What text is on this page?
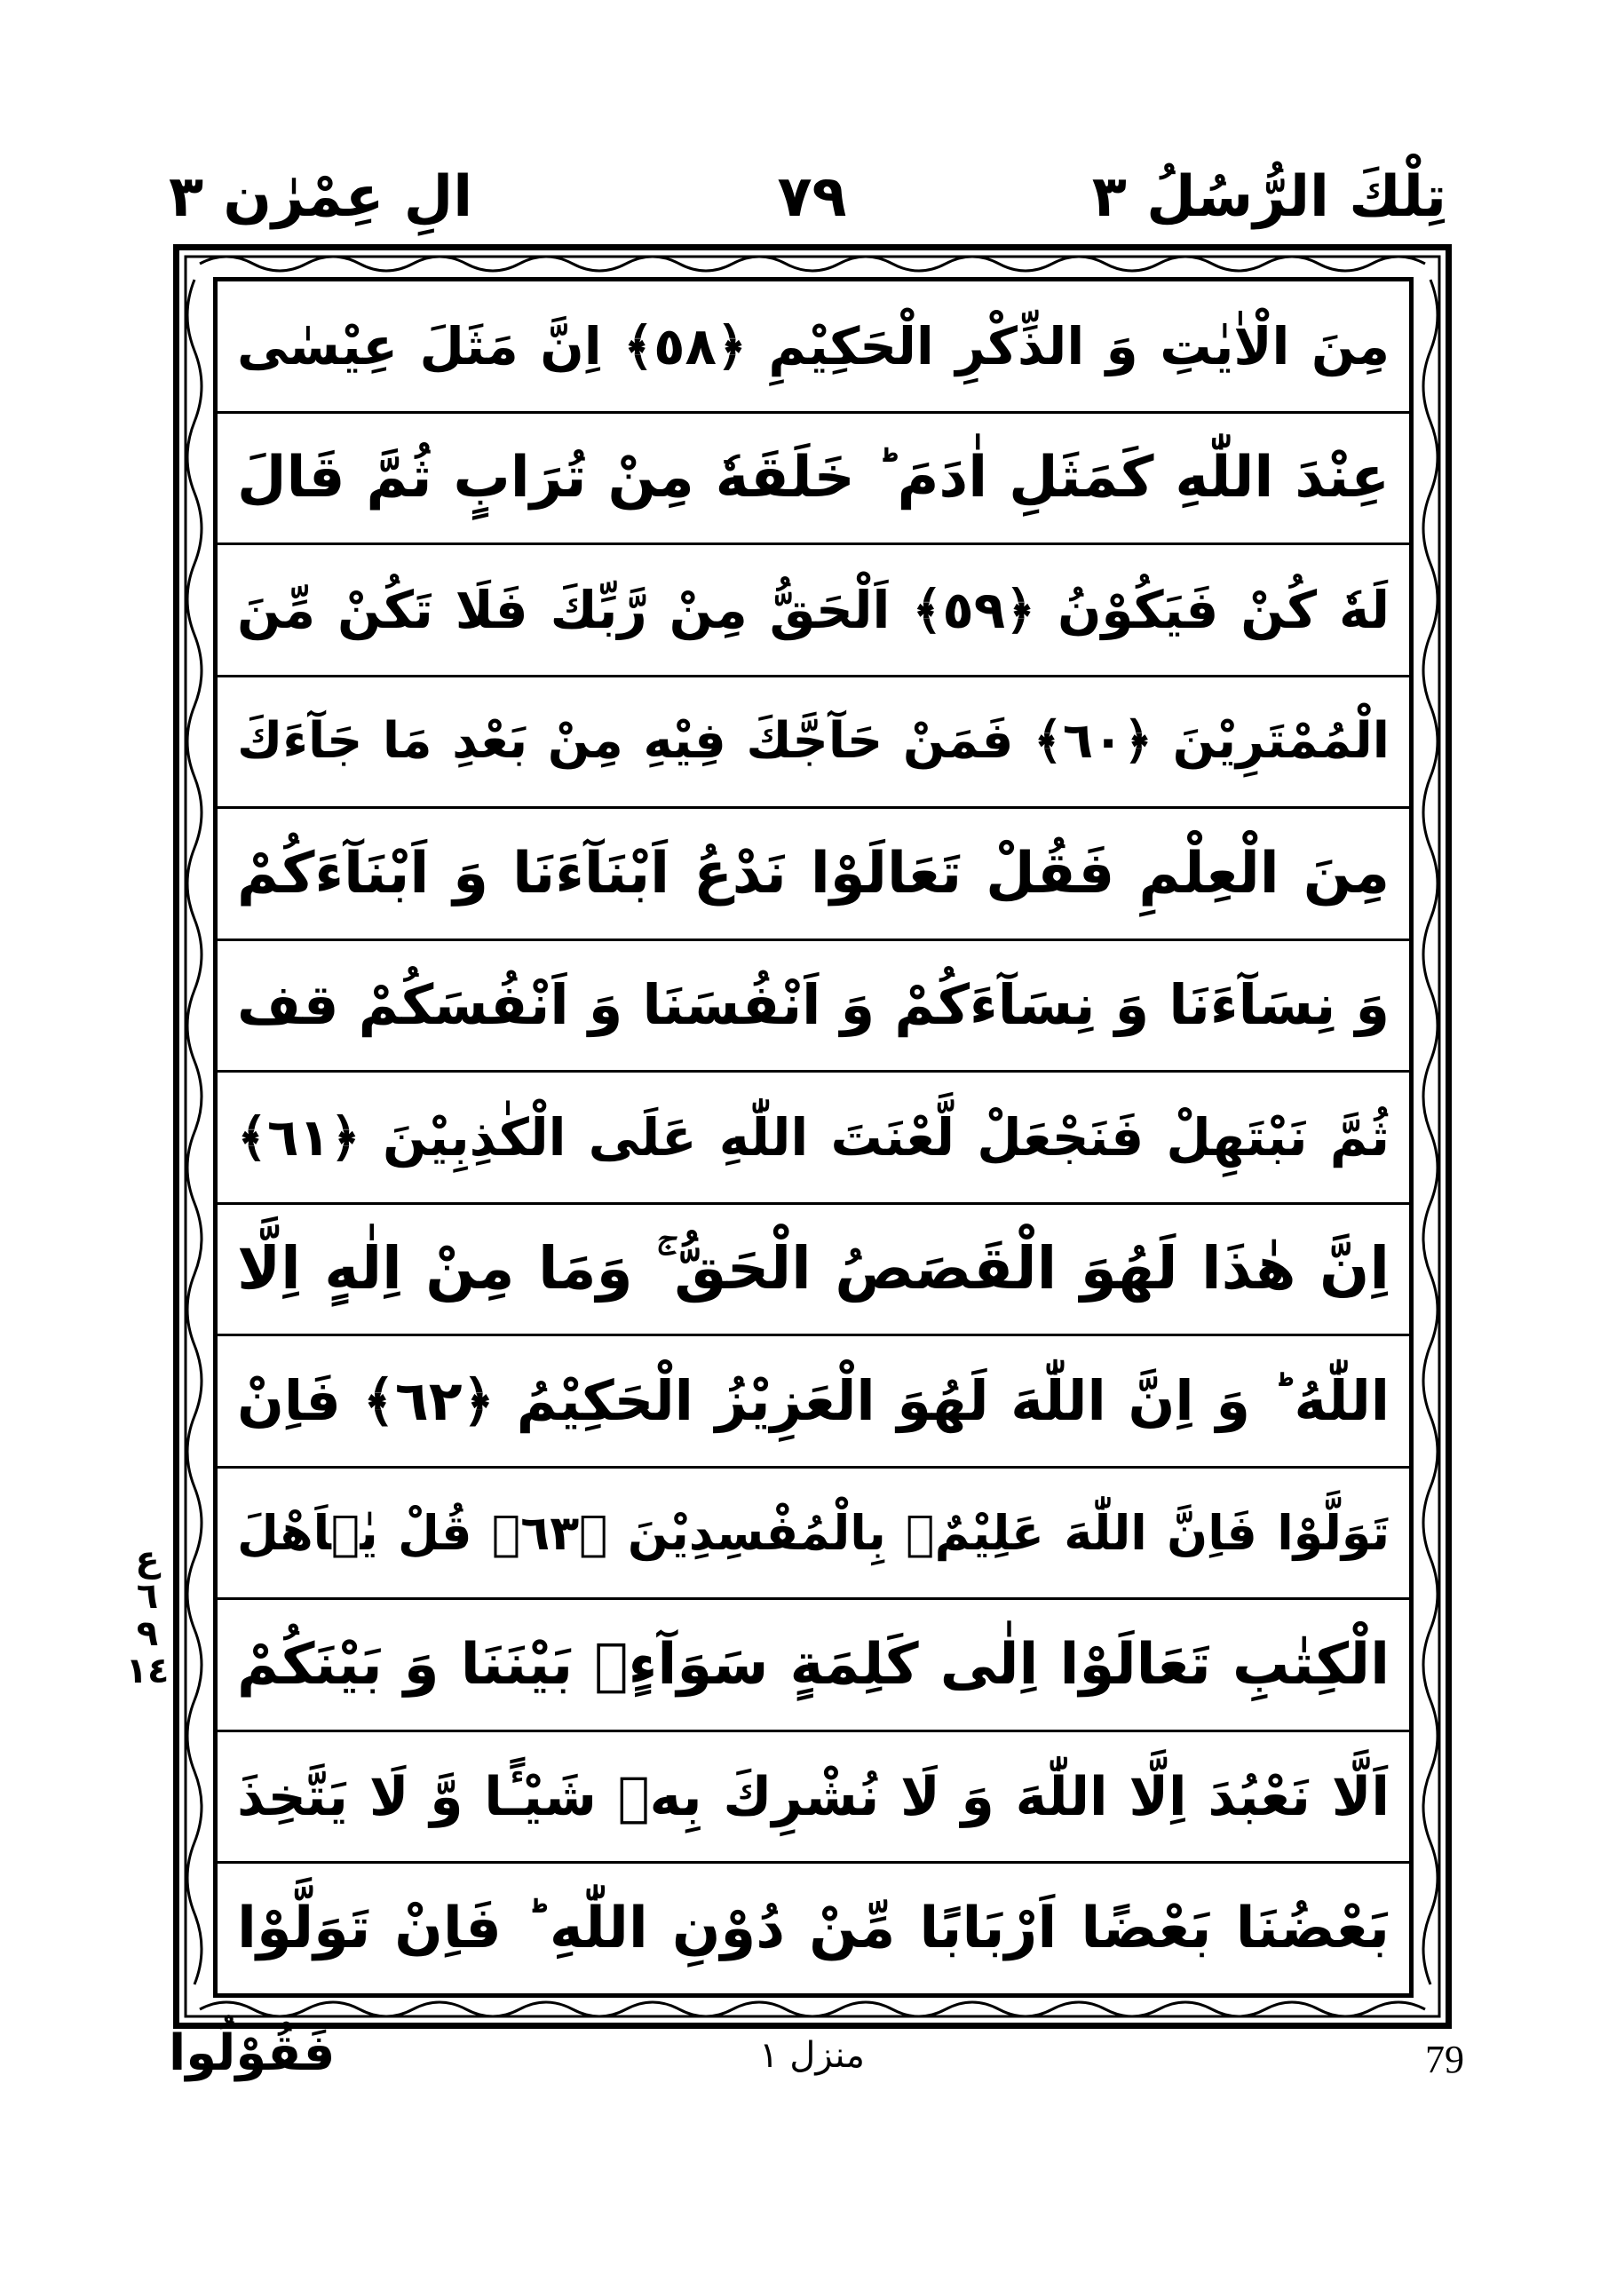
الِ عِمْرٰن ٣	٧٩	تِلْكَ الرُّسُلُ ٣
مِنَ الْاٰيٰتِ وَ الذِّكْرِ الْحَكِيْمِ ﴿٥٨﴾ اِنَّ مَثَلَ عِيْسٰى
عِنْدَ اللّٰهِ كَمَثَلِ اٰدَمَ ؕ خَلَقَهٗ مِنْ تُرَابٍ ثُمَّ قَالَ
لَهٗ كُنْ فَيَكُوْنُ ﴿٥٩﴾ اَلْحَقُّ مِنْ رَّبِّكَ فَلَا تَكُنْ مِّنَ
الْمُمْتَرِيْنَ ﴿٦٠﴾ فَمَنْ حَآجَّكَ فِيْهِ مِنْ بَعْدِ مَا جَآءَكَ
مِنَ الْعِلْمِ فَقُلْ تَعَالَوْا نَدْعُ اَبْنَآءَنَا وَ اَبْنَآءَكُمْ
وَ نِسَآءَنَا وَ نِسَآءَكُمْ وَ اَنْفُسَنَا وَ اَنْفُسَكُمْ قف
ثُمَّ نَبْتَهِلْ فَنَجْعَلْ لَّعْنَتَ اللّٰهِ عَلَى الْكٰذِبِيْنَ ﴿٦١﴾
اِنَّ هٰذَا لَهُوَ الْقَصَصُ الْحَقُّ ۚ وَمَا مِنْ اِلٰهٍ اِلَّا
اللّٰهُ ؕ وَ اِنَّ اللّٰهَ لَهُوَ الْعَزِيْزُ الْحَكِيْمُ ﴿٦٢﴾ فَاِنْ
تَوَلَّوْا فَاِنَّ اللّٰهَ عَلِيْمٌۢ بِالْمُفْسِدِيْنَ ﴿٦٣﴾ قُلْ يٰۤاَهْلَ
الْكِتٰبِ تَعَالَوْا اِلٰى كَلِمَةٍ سَوَآءٍۢ بَيْنَنَا وَ بَيْنَكُمْ
اَلَّا نَعْبُدَ اِلَّا اللّٰهَ وَ لَا نُشْرِكَ بِهٖ شَيْـًٔا وَّ لَا يَتَّخِذَ
بَعْضُنَا بَعْضًا اَرْبَابًا مِّنْ دُوْنِ اللّٰهِ ؕ فَاِنْ تَوَلَّوْا
ع ٦ ٩ ١٤
فَقُوْلُوا	منزل ١	79
